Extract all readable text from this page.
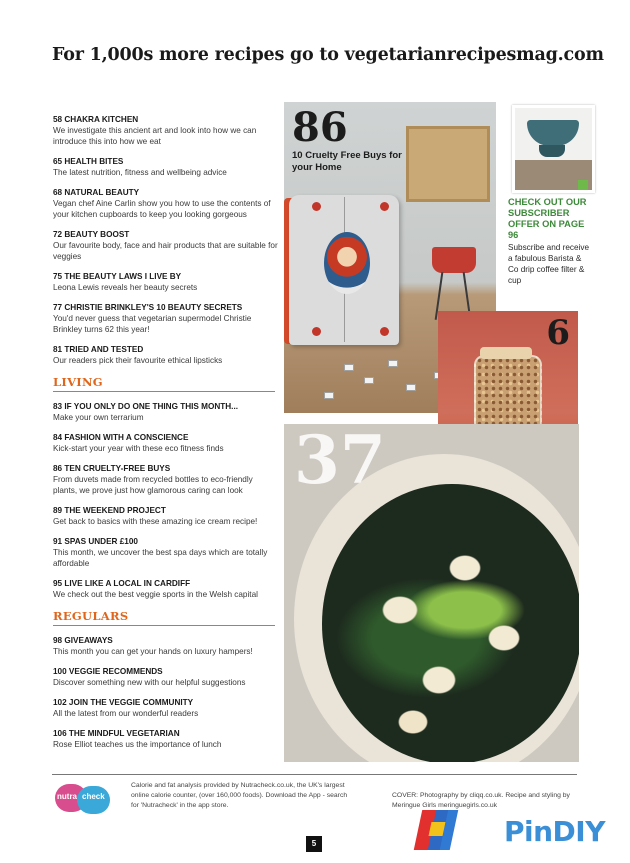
For 1,000s more recipes go to vegetarianrecipesmag.com
58 CHAKRA KITCHEN
We investigate this ancient art and look into how we can introduce this into how we eat
65 HEALTH BITES
The latest nutrition, fitness and wellbeing advice
68 NATURAL BEAUTY
Vegan chef Aine Carlin show you how to use the contents of your kitchen cupboards to keep you looking gorgeous
72 BEAUTY BOOST
Our favourite body, face and hair products that are suitable for veggies
75 THE BEAUTY LAWS I LIVE BY
Leona Lewis reveals her beauty secrets
77 CHRISTIE BRINKLEY'S 10 BEAUTY SECRETS
You'd never guess that vegetarian supermodel Christie Brinkley turns 62 this year!
81 TRIED AND TESTED
Our readers pick their favourite ethical lipsticks
LIVING
83 IF YOU ONLY DO ONE THING THIS MONTH...
Make your own terrarium
84 FASHION WITH A CONSCIENCE
Kick-start your year with these eco fitness finds
86 TEN CRUELTY-FREE BUYS
From duvets made from recycled bottles to eco-friendly plants, we prove just how glamorous caring can look
89 THE WEEKEND PROJECT
Get back to basics with these amazing ice cream recipe!
91 SPAS UNDER £100
This month, we uncover the best spa days which are totally affordable
95 LIVE LIKE A LOCAL IN CARDIFF
We check out the best veggie sports in the Welsh capital
REGULARS
98 GIVEAWAYS
This month you can get your hands on luxury hampers!
100 VEGGIE RECOMMENDS
Discover something new with our helpful suggestions
102 JOIN THE VEGGIE COMMUNITY
All the latest from our wonderful readers
106 THE MINDFUL VEGETARIAN
Rose Elliot teaches us the importance of lunch
86
10 Cruelty Free Buys for your Home
CHECK OUT OUR SUBSCRIBER OFFER ON PAGE 96
Subscribe and receive a fabulous Barista & Co drip coffee filter & cup
6
37
nutra check
Calorie and fat analysis provided by Nutracheck.co.uk, the UK's largest online calorie counter, (over 160,000 foods). Download the App - search for 'Nutracheck' in the app store.
COVER: Photography by cliqq.co.uk. Recipe and styling by Meringue Girls meringuegirls.co.uk
5	PinDIY
